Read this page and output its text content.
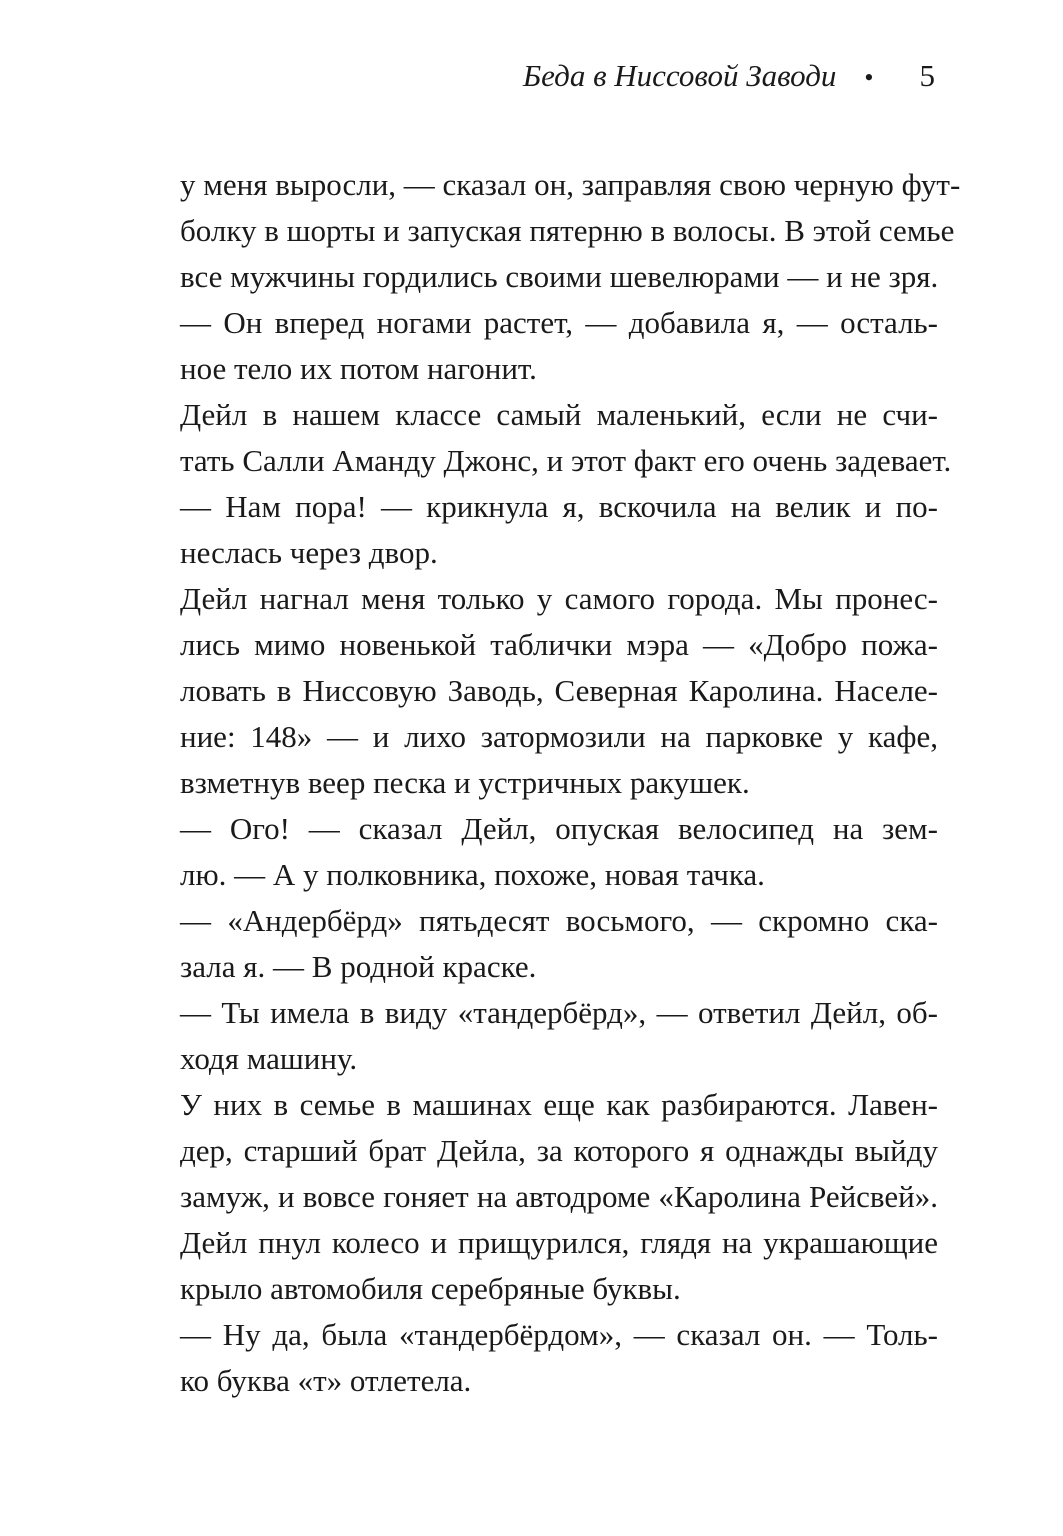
Беда в Ниссовой Заводи • 5
у меня выросли, — сказал он, заправляя свою черную фут-
болку в шорты и запуская пятерню в волосы. В этой семье
все мужчины гордились своими шевелюрами — и не зря.
— Он вперед ногами растет, — добавила я, — осталь-
ное тело их потом нагонит.
Дейл в нашем классе самый маленький, если не счи-
тать Салли Аманду Джонс, и этот факт его очень задевает.
— Нам пора! — крикнула я, вскочила на велик и по-
неслась через двор.
Дейл нагнал меня только у самого города. Мы пронес-
лись мимо новенькой таблички мэра — «Добро пожа-
ловать в Ниссовую Заводь, Северная Каролина. Населе-
ние: 148» — и лихо затормозили на парковке у кафе,
взметнув веер песка и устричных ракушек.
— Ого! — сказал Дейл, опуская велосипед на зем-
лю. — А у полковника, похоже, новая тачка.
— «Андербёрд» пятьдесят восьмого, — скромно ска-
зала я. — В родной краске.
— Ты имела в виду «тандербёрд», — ответил Дейл, об-
ходя машину.
У них в семье в машинах еще как разбираются. Лавен-
дер, старший брат Дейла, за которого я однажды выйду
замуж, и вовсе гоняет на автодроме «Каролина Рейсвей».
Дейл пнул колесо и прищурился, глядя на украшающие
крыло автомобиля серебряные буквы.
— Ну да, была «тандербёрдом», — сказал он. — Толь-
ко буква «т» отлетела.
